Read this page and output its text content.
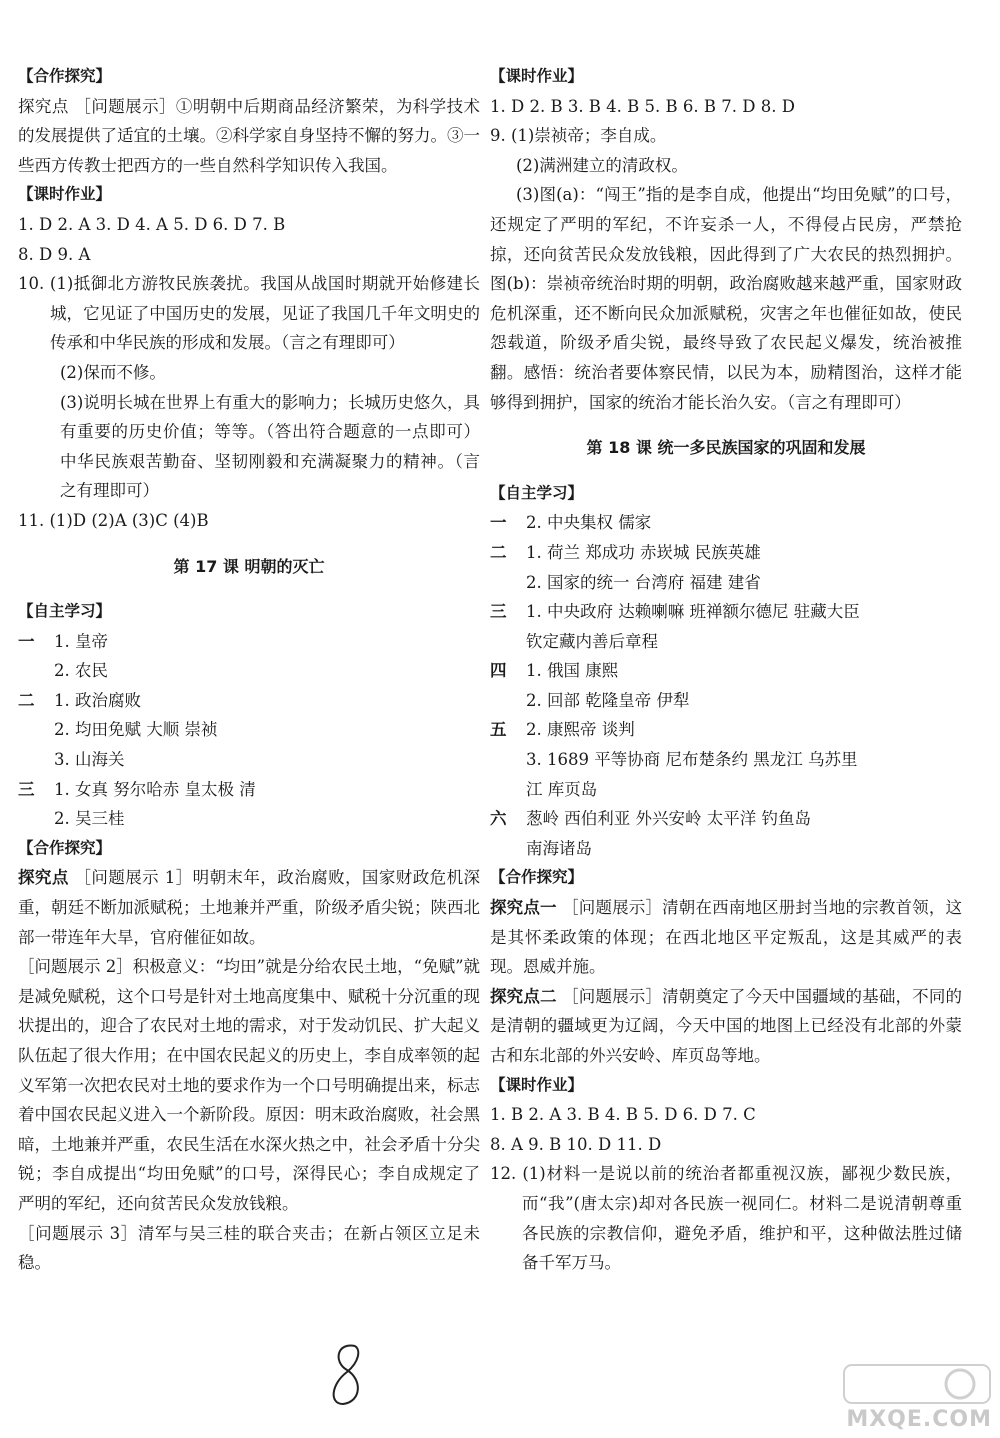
【合作探究】

探究点 ［问题展示］①明朝中后期商品经济繁荣，为科学技术的发展提供了适宜的土壤。②科学家自身坚持不懈的努力。③一些西方传教士把西方的一些自然科学知识传入我国。

【课时作业】

1. D 2. A 3. D 4. A 5. D 6. D 7. B

8. D 9. A

10. (1)抵御北方游牧民族袭扰。我国从战国时期就开始修建长城，它见证了中国历史的发展，见证了我国几千年文明史的传承和中华民族的形成和发展。（言之有理即可）

(2)保而不修。

(3)说明长城在世界上有重大的影响力；长城历史悠久，具有重要的历史价值；等等。（答出符合题意的一点即可）中华民族艰苦勤奋、坚韧刚毅和充满凝聚力的精神。（言之有理即可）

11. (1)D (2)A (3)C (4)B

第 17 课 明朝的灭亡

【自主学习】

一	1. 皇帝
2. 农民
二	1. 政治腐败
2. 均田免赋 大顺 崇祯
3. 山海关
三	1. 女真 努尔哈赤 皇太极 清
2. 吴三桂

【合作探究】

探究点 ［问题展示 1］明朝末年，政治腐败，国家财政危机深重，朝廷不断加派赋税；土地兼并严重，阶级矛盾尖锐；陕西北部一带连年大旱，官府催征如故。

［问题展示 2］积极意义：“均田”就是分给农民土地，“免赋”就是减免赋税，这个口号是针对土地高度集中、赋税十分沉重的现状提出的，迎合了农民对土地的需求，对于发动饥民、扩大起义队伍起了很大作用；在中国农民起义的历史上，李自成率领的起义军第一次把农民对土地的要求作为一个口号明确提出来，标志着中国农民起义进入一个新阶段。原因：明末政治腐败，社会黑暗，土地兼并严重，农民生活在水深火热之中，社会矛盾十分尖锐；李自成提出“均田免赋”的口号，深得民心；李自成规定了严明的军纪，还向贫苦民众发放钱粮。

［问题展示 3］清军与吴三桂的联合夹击；在新占领区立足未稳。

【课时作业】

1. D 2. B 3. B 4. B 5. B 6. B 7. D 8. D

9. (1)崇祯帝；李自成。

(2)满洲建立的清政权。

(3)图(a)：“闯王”指的是李自成，他提出“均田免赋”的口号，还规定了严明的军纪，不许妄杀一人，不得侵占民房，严禁抢掠，还向贫苦民众发放钱粮，因此得到了广大农民的热烈拥护。图(b)：崇祯帝统治时期的明朝，政治腐败越来越严重，国家财政危机深重，还不断向民众加派赋税，灾害之年也催征如故，使民怨载道，阶级矛盾尖锐，最终导致了农民起义爆发，统治被推翻。感悟：统治者要体察民情，以民为本，励精图治，这样才能够得到拥护，国家的统治才能长治久安。（言之有理即可）

第 18 课 统一多民族国家的巩固和发展

【自主学习】

一	2. 中央集权 儒家
二	1. 荷兰 郑成功 赤崁城 民族英雄
2. 国家的统一 台湾府 福建 建省
三	1. 中央政府 达赖喇嘛 班禅额尔德尼 驻藏大臣
钦定藏内善后章程
四	1. 俄国 康熙
2. 回部 乾隆皇帝 伊犁
五	2. 康熙帝 谈判
3. 1689 平等协商 尼布楚条约 黑龙江 乌苏里
江 库页岛
六	葱岭 西伯利亚 外兴安岭 太平洋 钓鱼岛
南海诸岛

【合作探究】

探究点一 ［问题展示］清朝在西南地区册封当地的宗教首领，这是其怀柔政策的体现；在西北地区平定叛乱，这是其威严的表现。恩威并施。

探究点二 ［问题展示］清朝奠定了今天中国疆域的基础，不同的是清朝的疆域更为辽阔，今天中国的地图上已经没有北部的外蒙古和东北部的外兴安岭、库页岛等地。

【课时作业】

1. B 2. A 3. B 4. B 5. D 6. D 7. C

8. A 9. B 10. D 11. D

12. (1)材料一是说以前的统治者都重视汉族，鄙视少数民族，而“我”(唐太宗)却对各民族一视同仁。材料二是说清朝尊重各民族的宗教信仰，避免矛盾，维护和平，这种做法胜过储备千军万马。

MXQE.COM
